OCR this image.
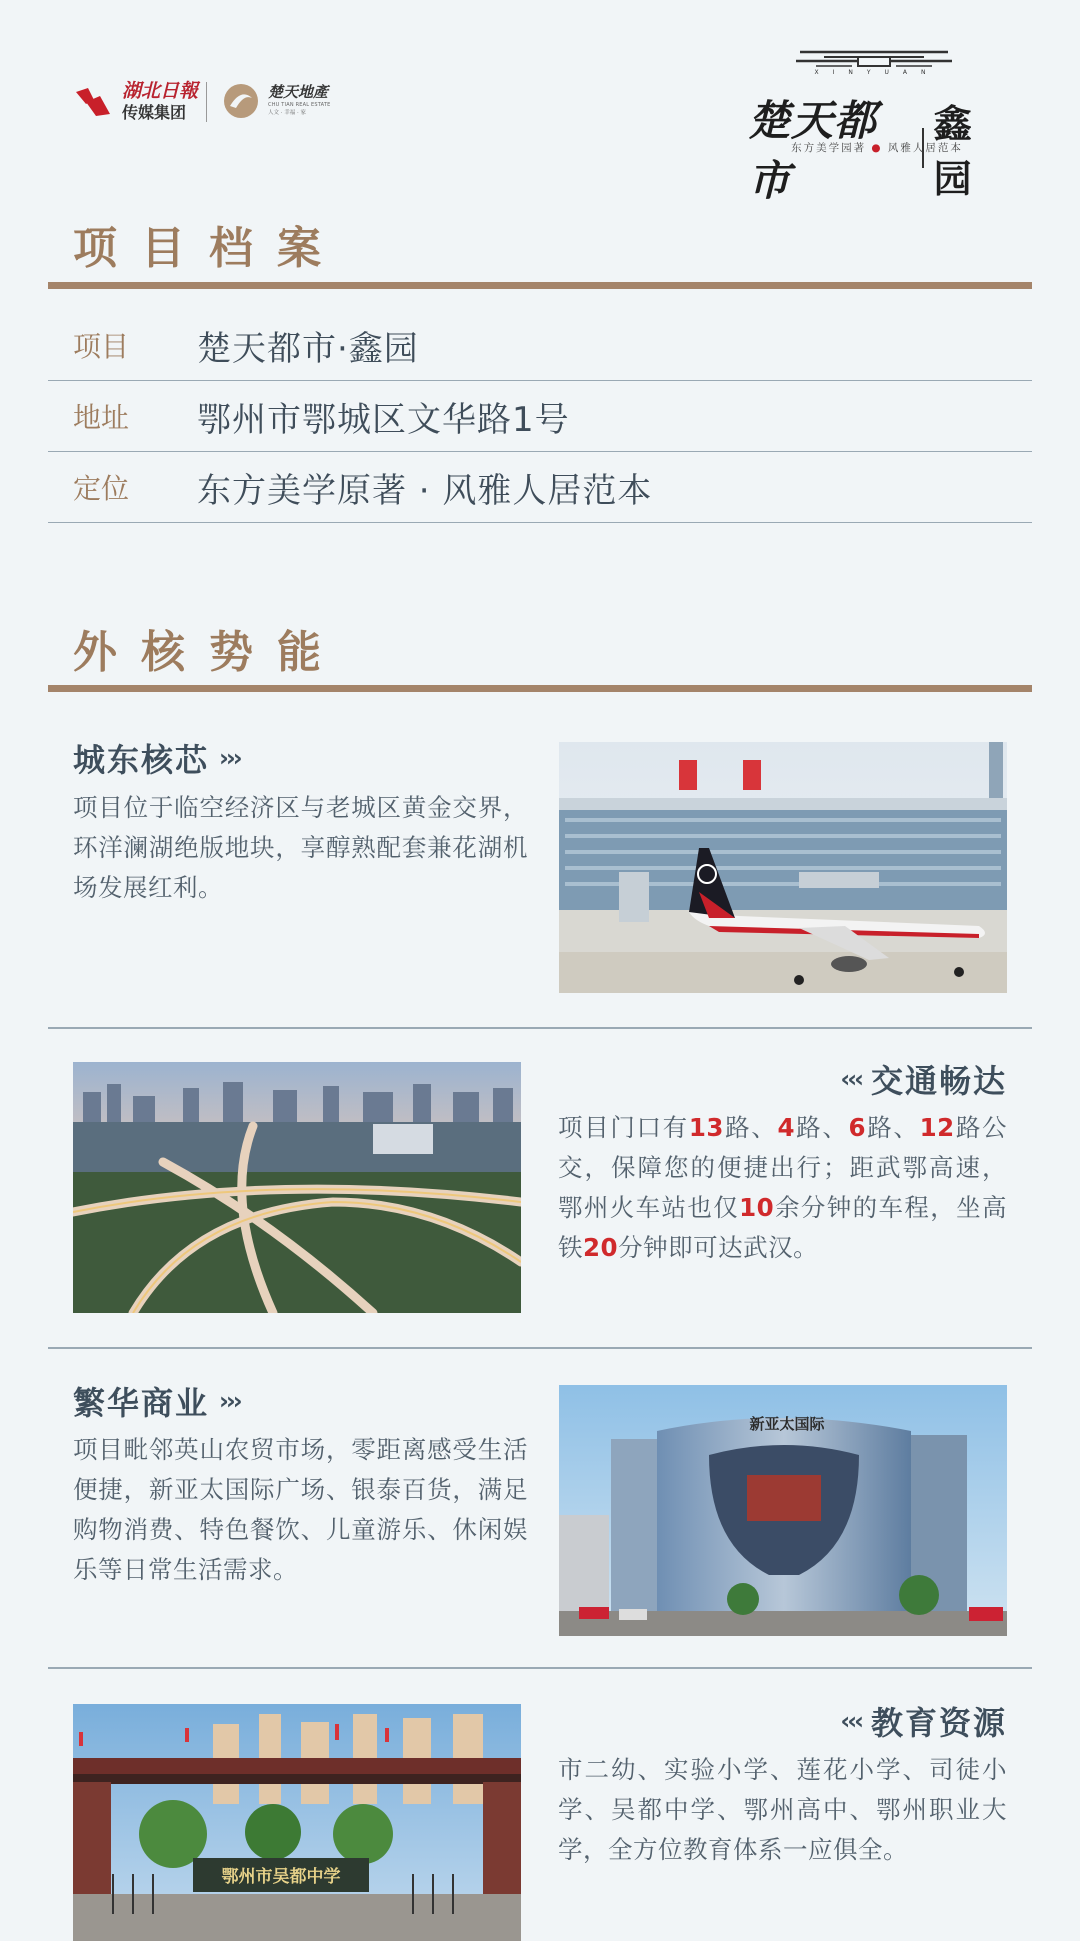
湖北日報
传媒集团
楚天地產
CHU TIAN REAL ESTATE
人文 · 幸福 · 家
XINYUAN
楚天都市
鑫园
东方美学园著 ● 风雅人居范本
项目档案
项目	楚天都市·鑫园
地址	鄂州市鄂城区文华路1号
定位	东方美学原著 · 风雅人居范本
外核势能
城东核芯 ›››
项目位于临空经济区与老城区黄金交界，环洋澜湖绝版地块，享醇熟配套兼花湖机场发展红利。
‹‹‹ 交通畅达
项目门口有13路、4路、6路、12路公交，保障您的便捷出行；距武鄂高速，鄂州火车站也仅10余分钟的车程，坐高铁20分钟即可达武汉。
繁华商业 ›››
项目毗邻英山农贸市场，零距离感受生活便捷，新亚太国际广场、银泰百货，满足购物消费、特色餐饮、儿童游乐、休闲娱乐等日常生活需求。
新亚太国际
鄂州市吴都中学
‹‹‹ 教育资源
市二幼、实验小学、莲花小学、司徒小学、吴都中学、鄂州高中、鄂州职业大学，全方位教育体系一应俱全。
